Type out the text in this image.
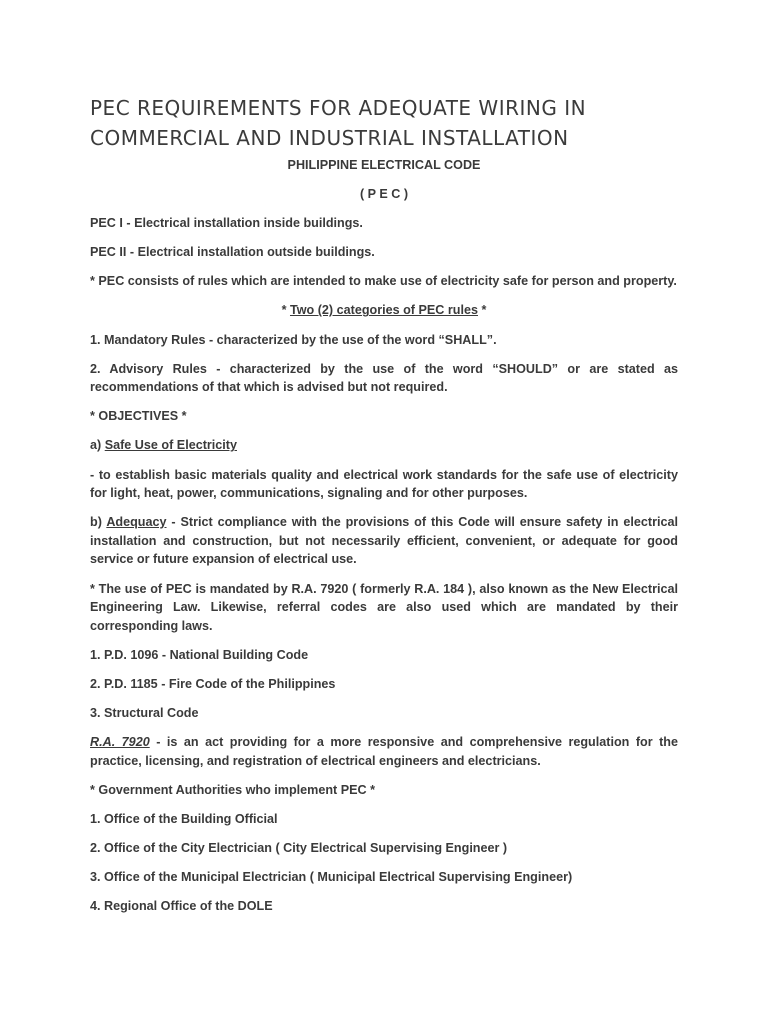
PEC REQUIREMENTS FOR ADEQUATE WIRING IN
COMMERCIAL AND INDUSTRIAL INSTALLATION
PHILIPPINE ELECTRICAL CODE
( P E C )
PEC I - Electrical installation inside buildings.
PEC II - Electrical installation outside buildings.
* PEC consists of rules which are intended to make use of electricity safe for person and property.
* Two (2) categories of PEC rules *
1. Mandatory Rules - characterized by the use of the word “SHALL”.
2. Advisory Rules - characterized by the use of the word “SHOULD” or are stated as recommendations of that which is advised but not required.
* OBJECTIVES *
a) Safe Use of Electricity
- to establish basic materials quality and electrical work standards for the safe use of electricity for light, heat, power, communications, signaling and for other purposes.
b) Adequacy - Strict compliance with the provisions of this Code will ensure safety in electrical installation and construction, but not necessarily efficient, convenient, or adequate for good service or future expansion of electrical use.
* The use of PEC is mandated by R.A. 7920 ( formerly R.A. 184 ), also known as the New Electrical Engineering Law. Likewise, referral codes are also used which are mandated by their corresponding laws.
1. P.D. 1096 - National Building Code
2. P.D. 1185 - Fire Code of the Philippines
3. Structural Code
R.A. 7920 - is an act providing for a more responsive and comprehensive regulation for the practice, licensing, and registration of electrical engineers and electricians.
* Government Authorities who implement PEC *
1. Office of the Building Official
2. Office of the City Electrician ( City Electrical Supervising Engineer )
3. Office of the Municipal Electrician ( Municipal Electrical Supervising Engineer)
4. Regional Office of the DOLE
